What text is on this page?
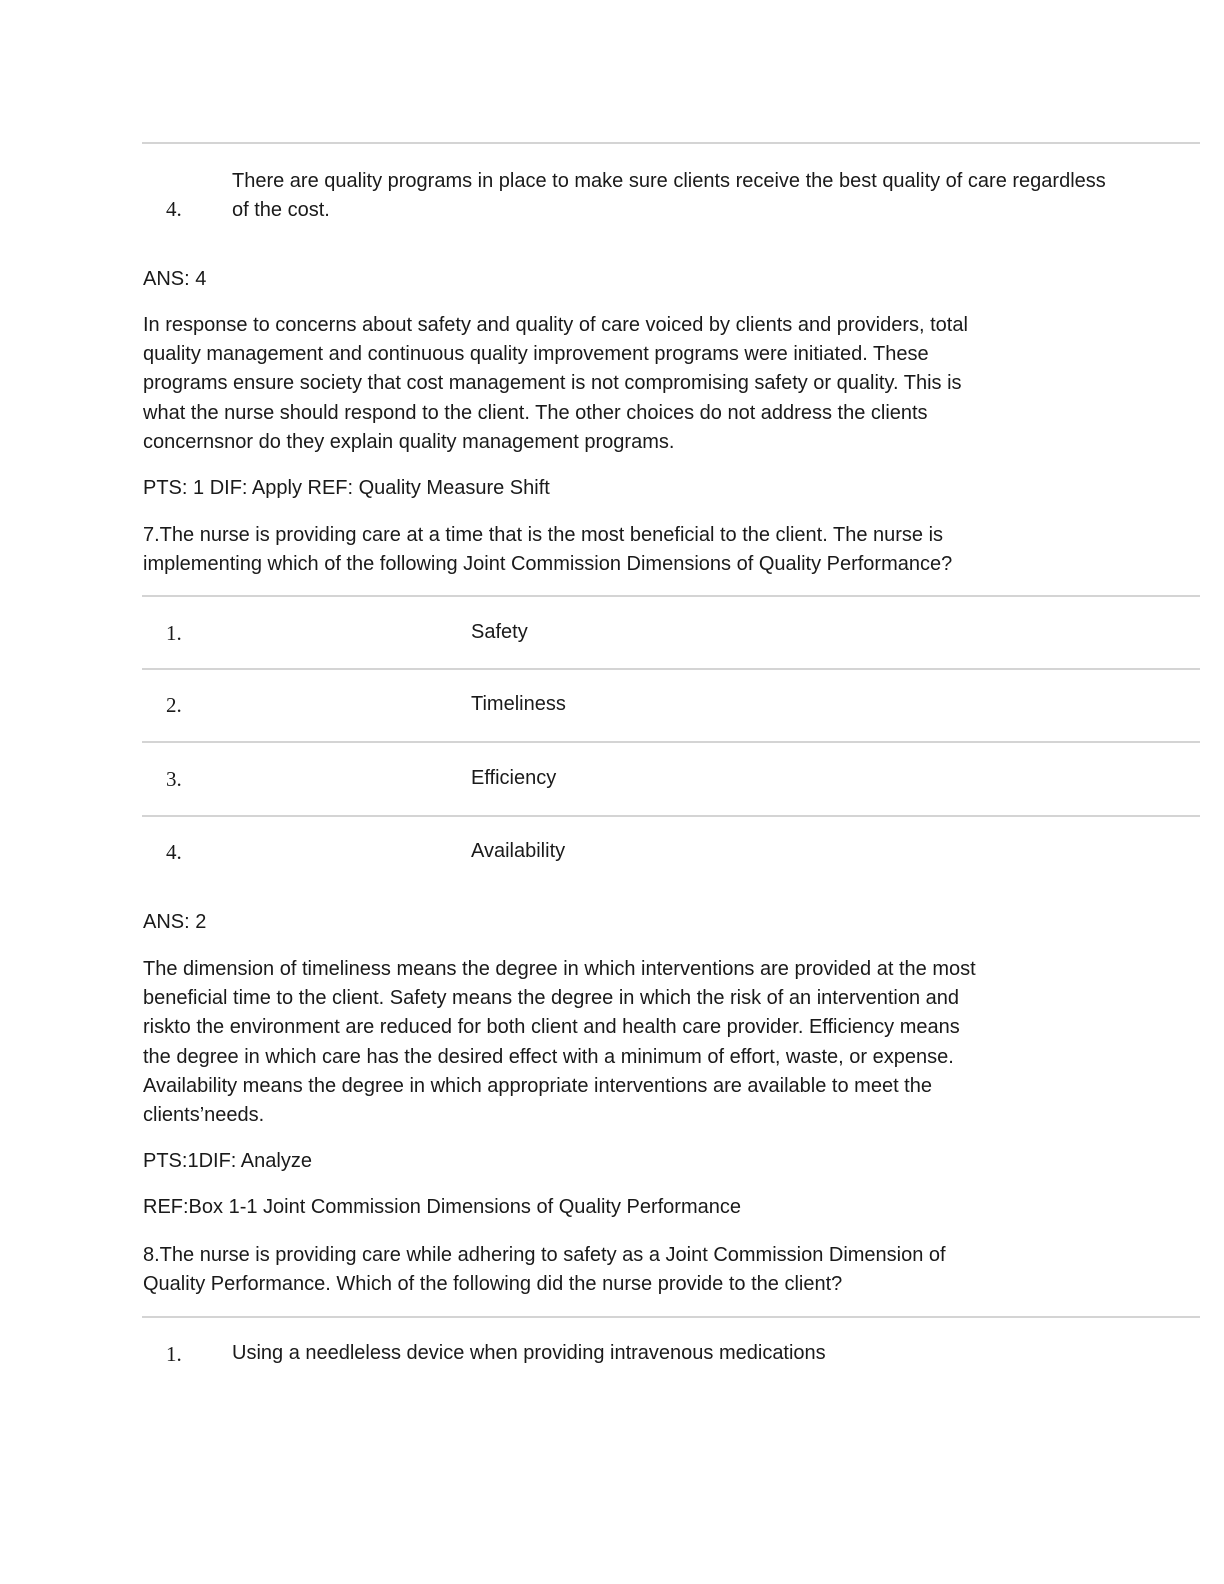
4.
There are quality programs in place to make sure clients receive the best quality of care regardless
of the cost.
ANS: 4
In response to concerns about safety and quality of care voiced by clients and providers, total
quality management and continuous quality improvement programs were initiated. These
programs ensure society that cost management is not compromising safety or quality. This is
what the nurse should respond to the client. The other choices do not address the clients
concernsnor do they explain quality management programs.
PTS: 1 DIF: Apply REF: Quality Measure Shift
7.The nurse is providing care at a time that is the most beneficial to the client. The nurse is
implementing which of the following Joint Commission Dimensions of Quality Performance?
1.	Safety
2.	Timeliness
3.	Efficiency
4.	Availability
ANS: 2
The dimension of timeliness means the degree in which interventions are provided at the most
beneficial time to the client. Safety means the degree in which the risk of an intervention and
riskto the environment are reduced for both client and health care provider. Efficiency means
the degree in which care has the desired effect with a minimum of effort, waste, or expense.
Availability means the degree in which appropriate interventions are available to meet the
clients’needs.
PTS:1DIF: Analyze
REF:Box 1-1 Joint Commission Dimensions of Quality Performance
8.The nurse is providing care while adhering to safety as a Joint Commission Dimension of
Quality Performance. Which of the following did the nurse provide to the client?
1.	Using a needleless device when providing intravenous medications
